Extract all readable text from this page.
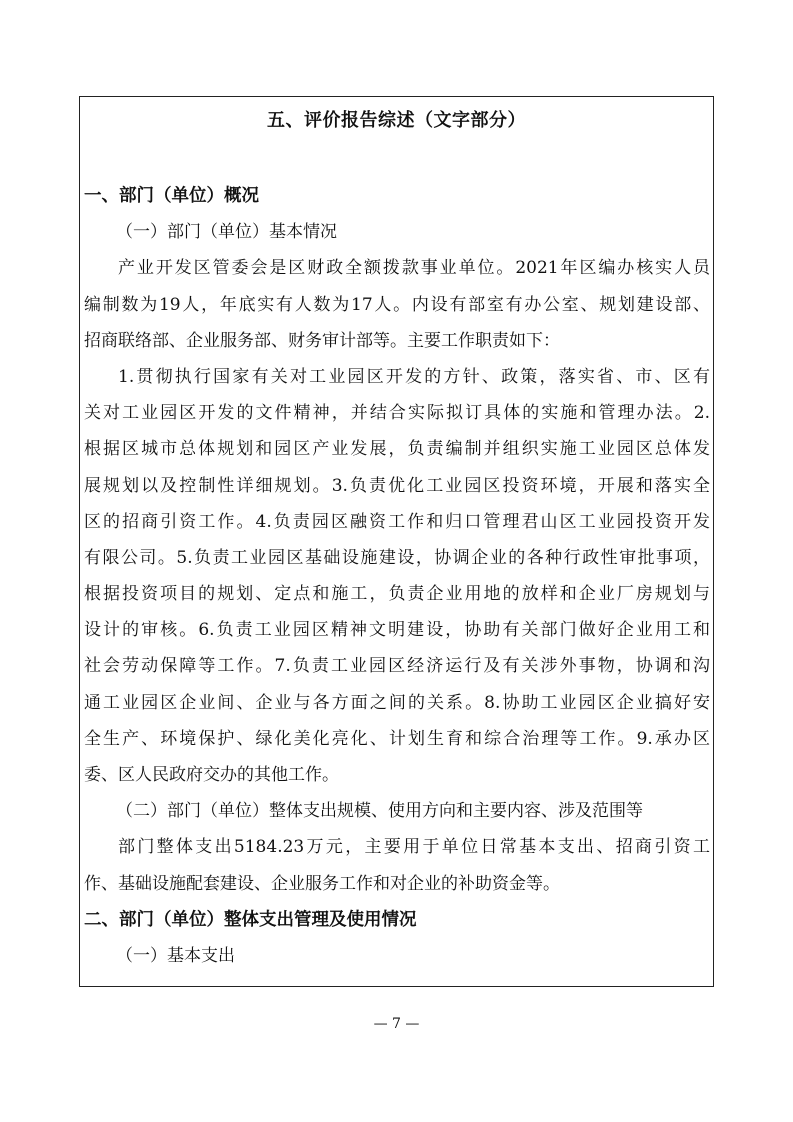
五、评价报告综述（文字部分）
一、部门（单位）概况
（一）部门（单位）基本情况
产业开发区管委会是区财政全额拨款事业单位。2021年区编办核实人员
编制数为19人，年底实有人数为17人。内设有部室有办公室、规划建设部、
招商联络部、企业服务部、财务审计部等。主要工作职责如下：
1.贯彻执行国家有关对工业园区开发的方针、政策，落实省、市、区有
关对工业园区开发的文件精神，并结合实际拟订具体的实施和管理办法。2.
根据区城市总体规划和园区产业发展，负责编制并组织实施工业园区总体发
展规划以及控制性详细规划。3.负责优化工业园区投资环境，开展和落实全
区的招商引资工作。4.负责园区融资工作和归口管理君山区工业园投资开发
有限公司。5.负责工业园区基础设施建设，协调企业的各种行政性审批事项，
根据投资项目的规划、定点和施工，负责企业用地的放样和企业厂房规划与
设计的审核。6.负责工业园区精神文明建设，协助有关部门做好企业用工和
社会劳动保障等工作。7.负责工业园区经济运行及有关涉外事物，协调和沟
通工业园区企业间、企业与各方面之间的关系。8.协助工业园区企业搞好安
全生产、环境保护、绿化美化亮化、计划生育和综合治理等工作。9.承办区
委、区人民政府交办的其他工作。
（二）部门（单位）整体支出规模、使用方向和主要内容、涉及范围等
部门整体支出5184.23万元，主要用于单位日常基本支出、招商引资工
作、基础设施配套建设、企业服务工作和对企业的补助资金等。
二、部门（单位）整体支出管理及使用情况
（一）基本支出
— 7 —
